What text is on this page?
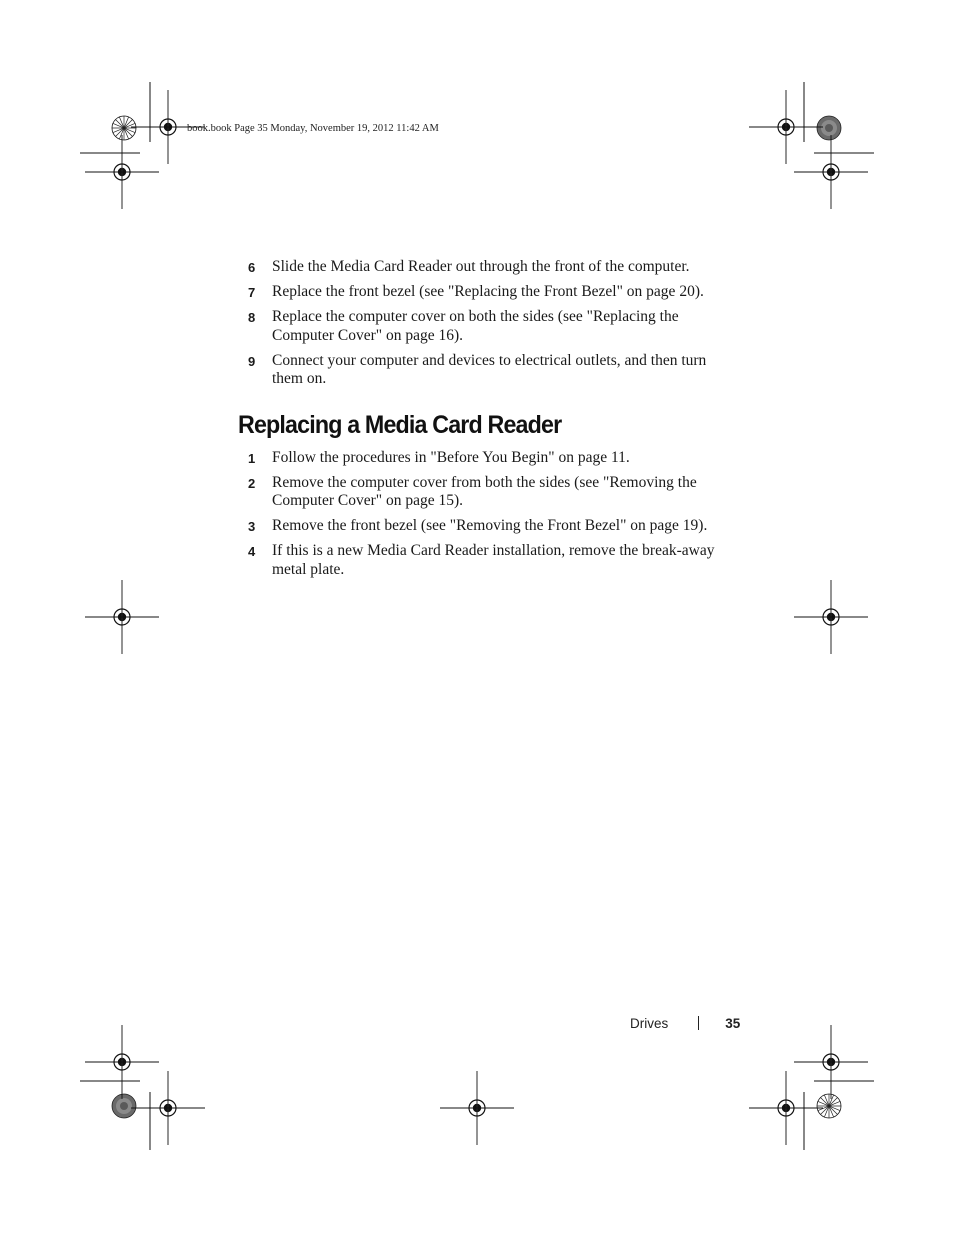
book.book Page 35 Monday, November 19, 2012 11:42 AM
6 Slide the Media Card Reader out through the front of the computer.
7 Replace the front bezel (see "Replacing the Front Bezel" on page 20).
8 Replace the computer cover on both the sides (see "Replacing the Computer Cover" on page 16).
9 Connect your computer and devices to electrical outlets, and then turn them on.
Replacing a Media Card Reader
1 Follow the procedures in "Before You Begin" on page 11.
2 Remove the computer cover from both the sides (see "Removing the Computer Cover" on page 15).
3 Remove the front bezel (see "Removing the Front Bezel" on page 19).
4 If this is a new Media Card Reader installation, remove the break-away metal plate.
Drives	35
